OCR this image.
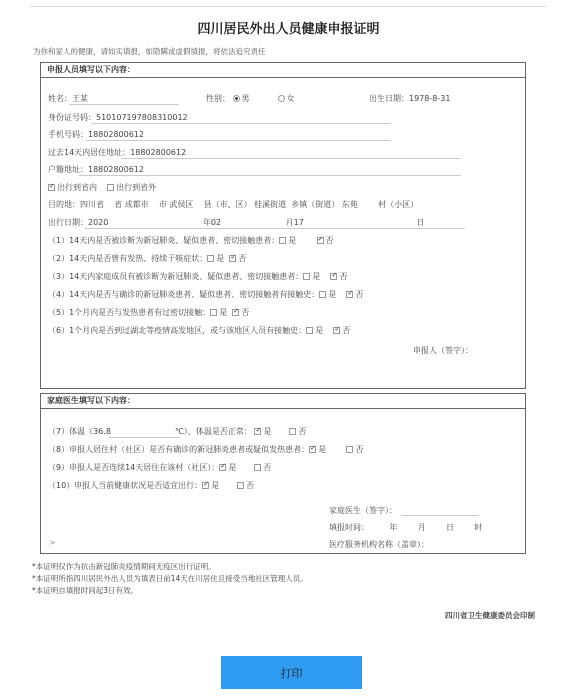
四川居民外出人员健康申报证明
为你和家人的健康，请如实填报，如隐瞒或虚假填报，将依法追究责任
申报人员填写以下内容：
姓名：王某	性别： 男	女	出生日期：1978-8-31
身份证号码：510107197808310012
手机号码：18802800612
过去14天内居住地址：18802800612
户籍地址：18802800612
✓出行到省内 出行到省外
目的地：四川省 省 成都市 市 武侯区 县（市、区） 桂溪街道 乡镇（街道） 东苑	村（小区）
出行日期：2020	年02	月17	日
（1）14天内是否被诊断为新冠肺炎、疑似患者、密切接触患者： 是 ✓	否
（2）14天内是否曾有发热、持续干咳症状： 是 ✓ 否
（3）14天内家庭成员有被诊断为新冠肺炎、疑似患者、密切接触患者： 是 ✓ 否
（4）14天内是否与确诊的新冠肺炎患者、疑似患者、密切接触者有接触史： 是 ✓ 否
（5）1个月内是否与发热患者有过密切接触： 是 ✓ 否
（6）1个月内是否到过湖北等疫情高发地区，或与该地区人员有接触史： 是 ✓ 否
申报人（签字）：
家庭医生填写以下内容：
（7）体温（36.8	℃），体温是否正常： ✓ 是	否
（8）申报人居住村（社区）是否有确诊的新冠肺炎患者或疑似发热患者： ✓ 是	否
（9）申报人是否连续14天居住在该村（社区）： ✓ 是	否
（10）申报人当前健康状况是否适宜出行： ✓ 是	否
家庭医生（签字）：
填报时间：	年	月	日	时
医疗服务机构名称（盖章）：
>
*本证明仅作为抗击新冠肺炎疫情期间无疫区出行证明。
*本证明所指四川居民外出人员为填表日前14天在川居住且接受当地社区管理人员。
*本证明自填报时间起3日有效。
四川省卫生健康委员会印制
打印
